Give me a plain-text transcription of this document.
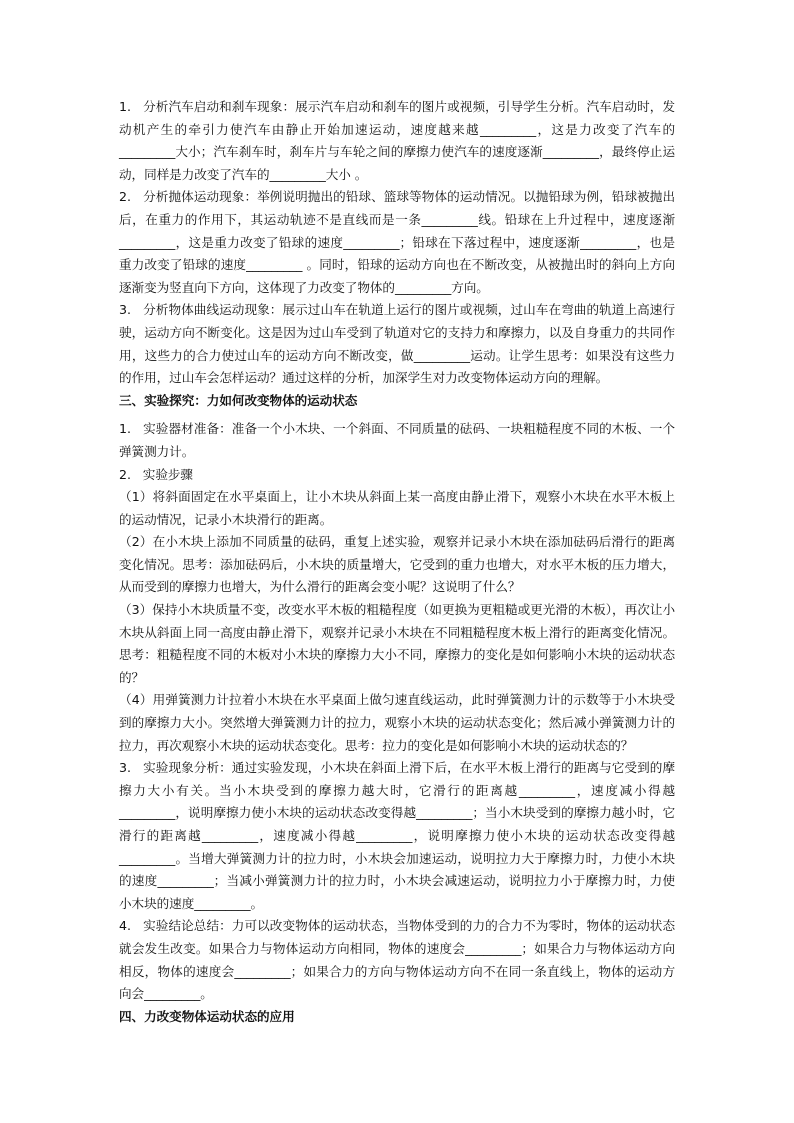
1.   分析汽车启动和刹车现象：展示汽车启动和刹车的图片或视频，引导学生分析。汽车启动时，发动机产生的牵引力使汽车由静止开始加速运动，速度越来越_________，这是力改变了汽车的_________大小；汽车刹车时，刹车片与车轮之间的摩擦力使汽车的速度逐渐_________，最终停止运动，同样是力改变了汽车的_________大小 。

2.   分析抛体运动现象：举例说明抛出的铅球、篮球等物体的运动情况。以抛铅球为例，铅球被抛出后，在重力的作用下，其运动轨迹不是直线而是一条_________线。铅球在上升过程中，速度逐渐_________，这是重力改变了铅球的速度_________；铅球在下落过程中，速度逐渐_________，也是重力改变了铅球的速度_________ 。同时，铅球的运动方向也在不断改变，从被抛出时的斜向上方向逐渐变为竖直向下方向，这体现了力改变了物体的_________方向。

3.   分析物体曲线运动现象：展示过山车在轨道上运行的图片或视频，过山车在弯曲的轨道上高速行驶，运动方向不断变化。这是因为过山车受到了轨道对它的支持力和摩擦力，以及自身重力的共同作用，这些力的合力使过山车的运动方向不断改变，做_________运动。让学生思考：如果没有这些力的作用，过山车会怎样运动？通过这样的分析，加深学生对力改变物体运动方向的理解。

三、实验探究：力如何改变物体的运动状态

1.   实验器材准备：准备一个小木块、一个斜面、不同质量的砝码、一块粗糙程度不同的木板、一个弹簧测力计。

2.   实验步骤

（1）将斜面固定在水平桌面上，让小木块从斜面上某一高度由静止滑下，观察小木块在水平木板上的运动情况，记录小木块滑行的距离。

（2）在小木块上添加不同质量的砝码，重复上述实验，观察并记录小木块在添加砝码后滑行的距离变化情况。思考：添加砝码后，小木块的质量增大，它受到的重力也增大，对水平木板的压力增大，从而受到的摩擦力也增大，为什么滑行的距离会变小呢？这说明了什么？

（3）保持小木块质量不变，改变水平木板的粗糙程度（如更换为更粗糙或更光滑的木板），再次让小木块从斜面上同一高度由静止滑下，观察并记录小木块在不同粗糙程度木板上滑行的距离变化情况。思考：粗糙程度不同的木板对小木块的摩擦力大小不同，摩擦力的变化是如何影响小木块的运动状态的？

（4）用弹簧测力计拉着小木块在水平桌面上做匀速直线运动，此时弹簧测力计的示数等于小木块受到的摩擦力大小。突然增大弹簧测力计的拉力，观察小木块的运动状态变化；然后减小弹簧测力计的拉力，再次观察小木块的运动状态变化。思考：拉力的变化是如何影响小木块的运动状态的？

3.   实验现象分析：通过实验发现，小木块在斜面上滑下后，在水平木板上滑行的距离与它受到的摩擦力大小有关。当小木块受到的摩擦力越大时，它滑行的距离越_________，速度减小得越_________，说明摩擦力使小木块的运动状态改变得越_________；当小木块受到的摩擦力越小时，它滑行的距离越_________，速度减小得越_________，说明摩擦力使小木块的运动状态改变得越_________。当增大弹簧测力计的拉力时，小木块会加速运动，说明拉力大于摩擦力时，力使小木块的速度_________；当减小弹簧测力计的拉力时，小木块会减速运动，说明拉力小于摩擦力时，力使小木块的速度_________。

4.   实验结论总结：力可以改变物体的运动状态，当物体受到的力的合力不为零时，物体的运动状态就会发生改变。如果合力与物体运动方向相同，物体的速度会_________；如果合力与物体运动方向相反，物体的速度会_________；如果合力的方向与物体运动方向不在同一条直线上，物体的运动方向会_________。

四、力改变物体运动状态的应用
